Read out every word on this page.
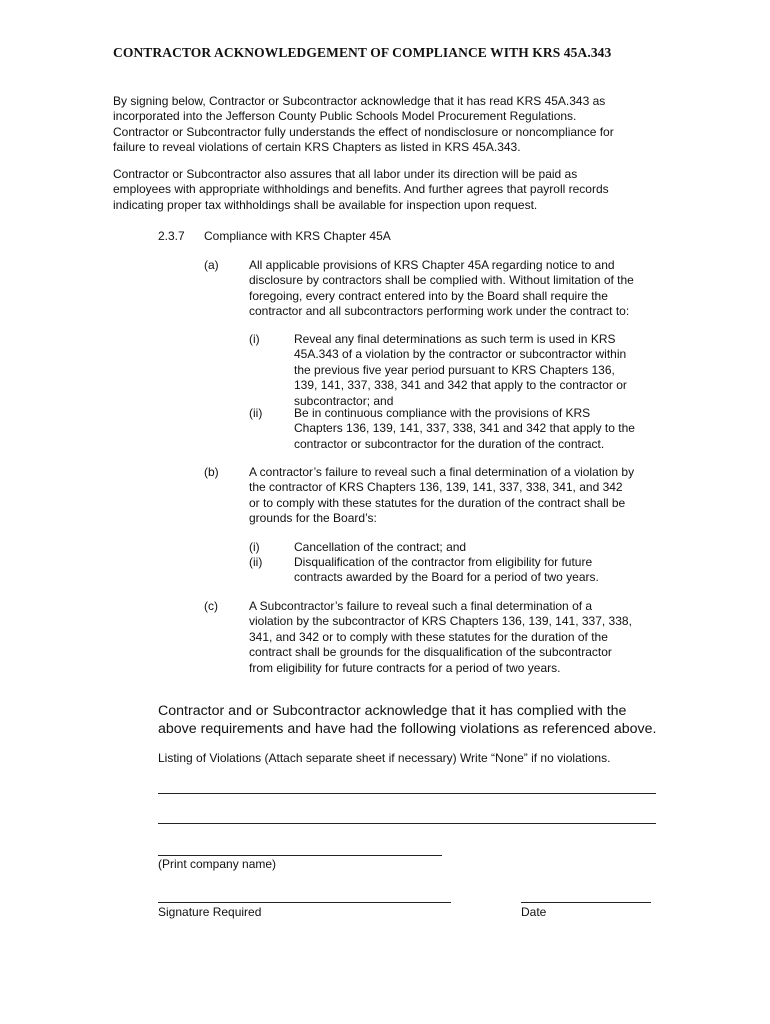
CONTRACTOR ACKNOWLEDGEMENT OF COMPLIANCE WITH KRS 45A.343

By signing below, Contractor or Subcontractor acknowledge that it has read KRS 45A.343 as
incorporated into the Jefferson County Public Schools Model Procurement Regulations.
Contractor or Subcontractor fully understands the effect of nondisclosure or noncompliance for
failure to reveal violations of certain KRS Chapters as listed in KRS 45A.343.

Contractor or Subcontractor also assures that all labor under its direction will be paid as
employees with appropriate withholdings and benefits. And further agrees that payroll records
indicating proper tax withholdings shall be available for inspection upon request.

2.3.7 Compliance with KRS Chapter 45A
(a)	All applicable provisions of KRS Chapter 45A regarding notice to and
disclosure by contractors shall be complied with. Without limitation of the
foregoing, every contract entered into by the Board shall require the
contractor and all subcontractors performing work under the contract to:

(i)	Reveal any final determinations as such term is used in KRS
45A.343 of a violation by the contractor or subcontractor within
the previous five year period pursuant to KRS Chapters 136,
139, 141, 337, 338, 341 and 342 that apply to the contractor or
subcontractor; and

(ii)	Be in continuous compliance with the provisions of KRS
Chapters 136, 139, 141, 337, 338, 341 and 342 that apply to the
contractor or subcontractor for the duration of the contract.

(b)	A contractor’s failure to reveal such a final determination of a violation by
the contractor of KRS Chapters 136, 139, 141, 337, 338, 341, and 342
or to comply with these statutes for the duration of the contract shall be
grounds for the Board’s:

(i)	Cancellation of the contract; and

(ii)	Disqualification of the contractor from eligibility for future
contracts awarded by the Board for a period of two years.

(c)	A Subcontractor’s failure to reveal such a final determination of a
violation by the subcontractor of KRS Chapters 136, 139, 141, 337, 338,
341, and 342 or to comply with these statutes for the duration of the
contract shall be grounds for the disqualification of the subcontractor
from eligibility for future contracts for a period of two years.

Contractor and or Subcontractor acknowledge that it has complied with the
above requirements and have had the following violations as referenced above.

Listing of Violations (Attach separate sheet if necessary) Write “None” if no violations.
(Print company name)
Signature Required	Date
